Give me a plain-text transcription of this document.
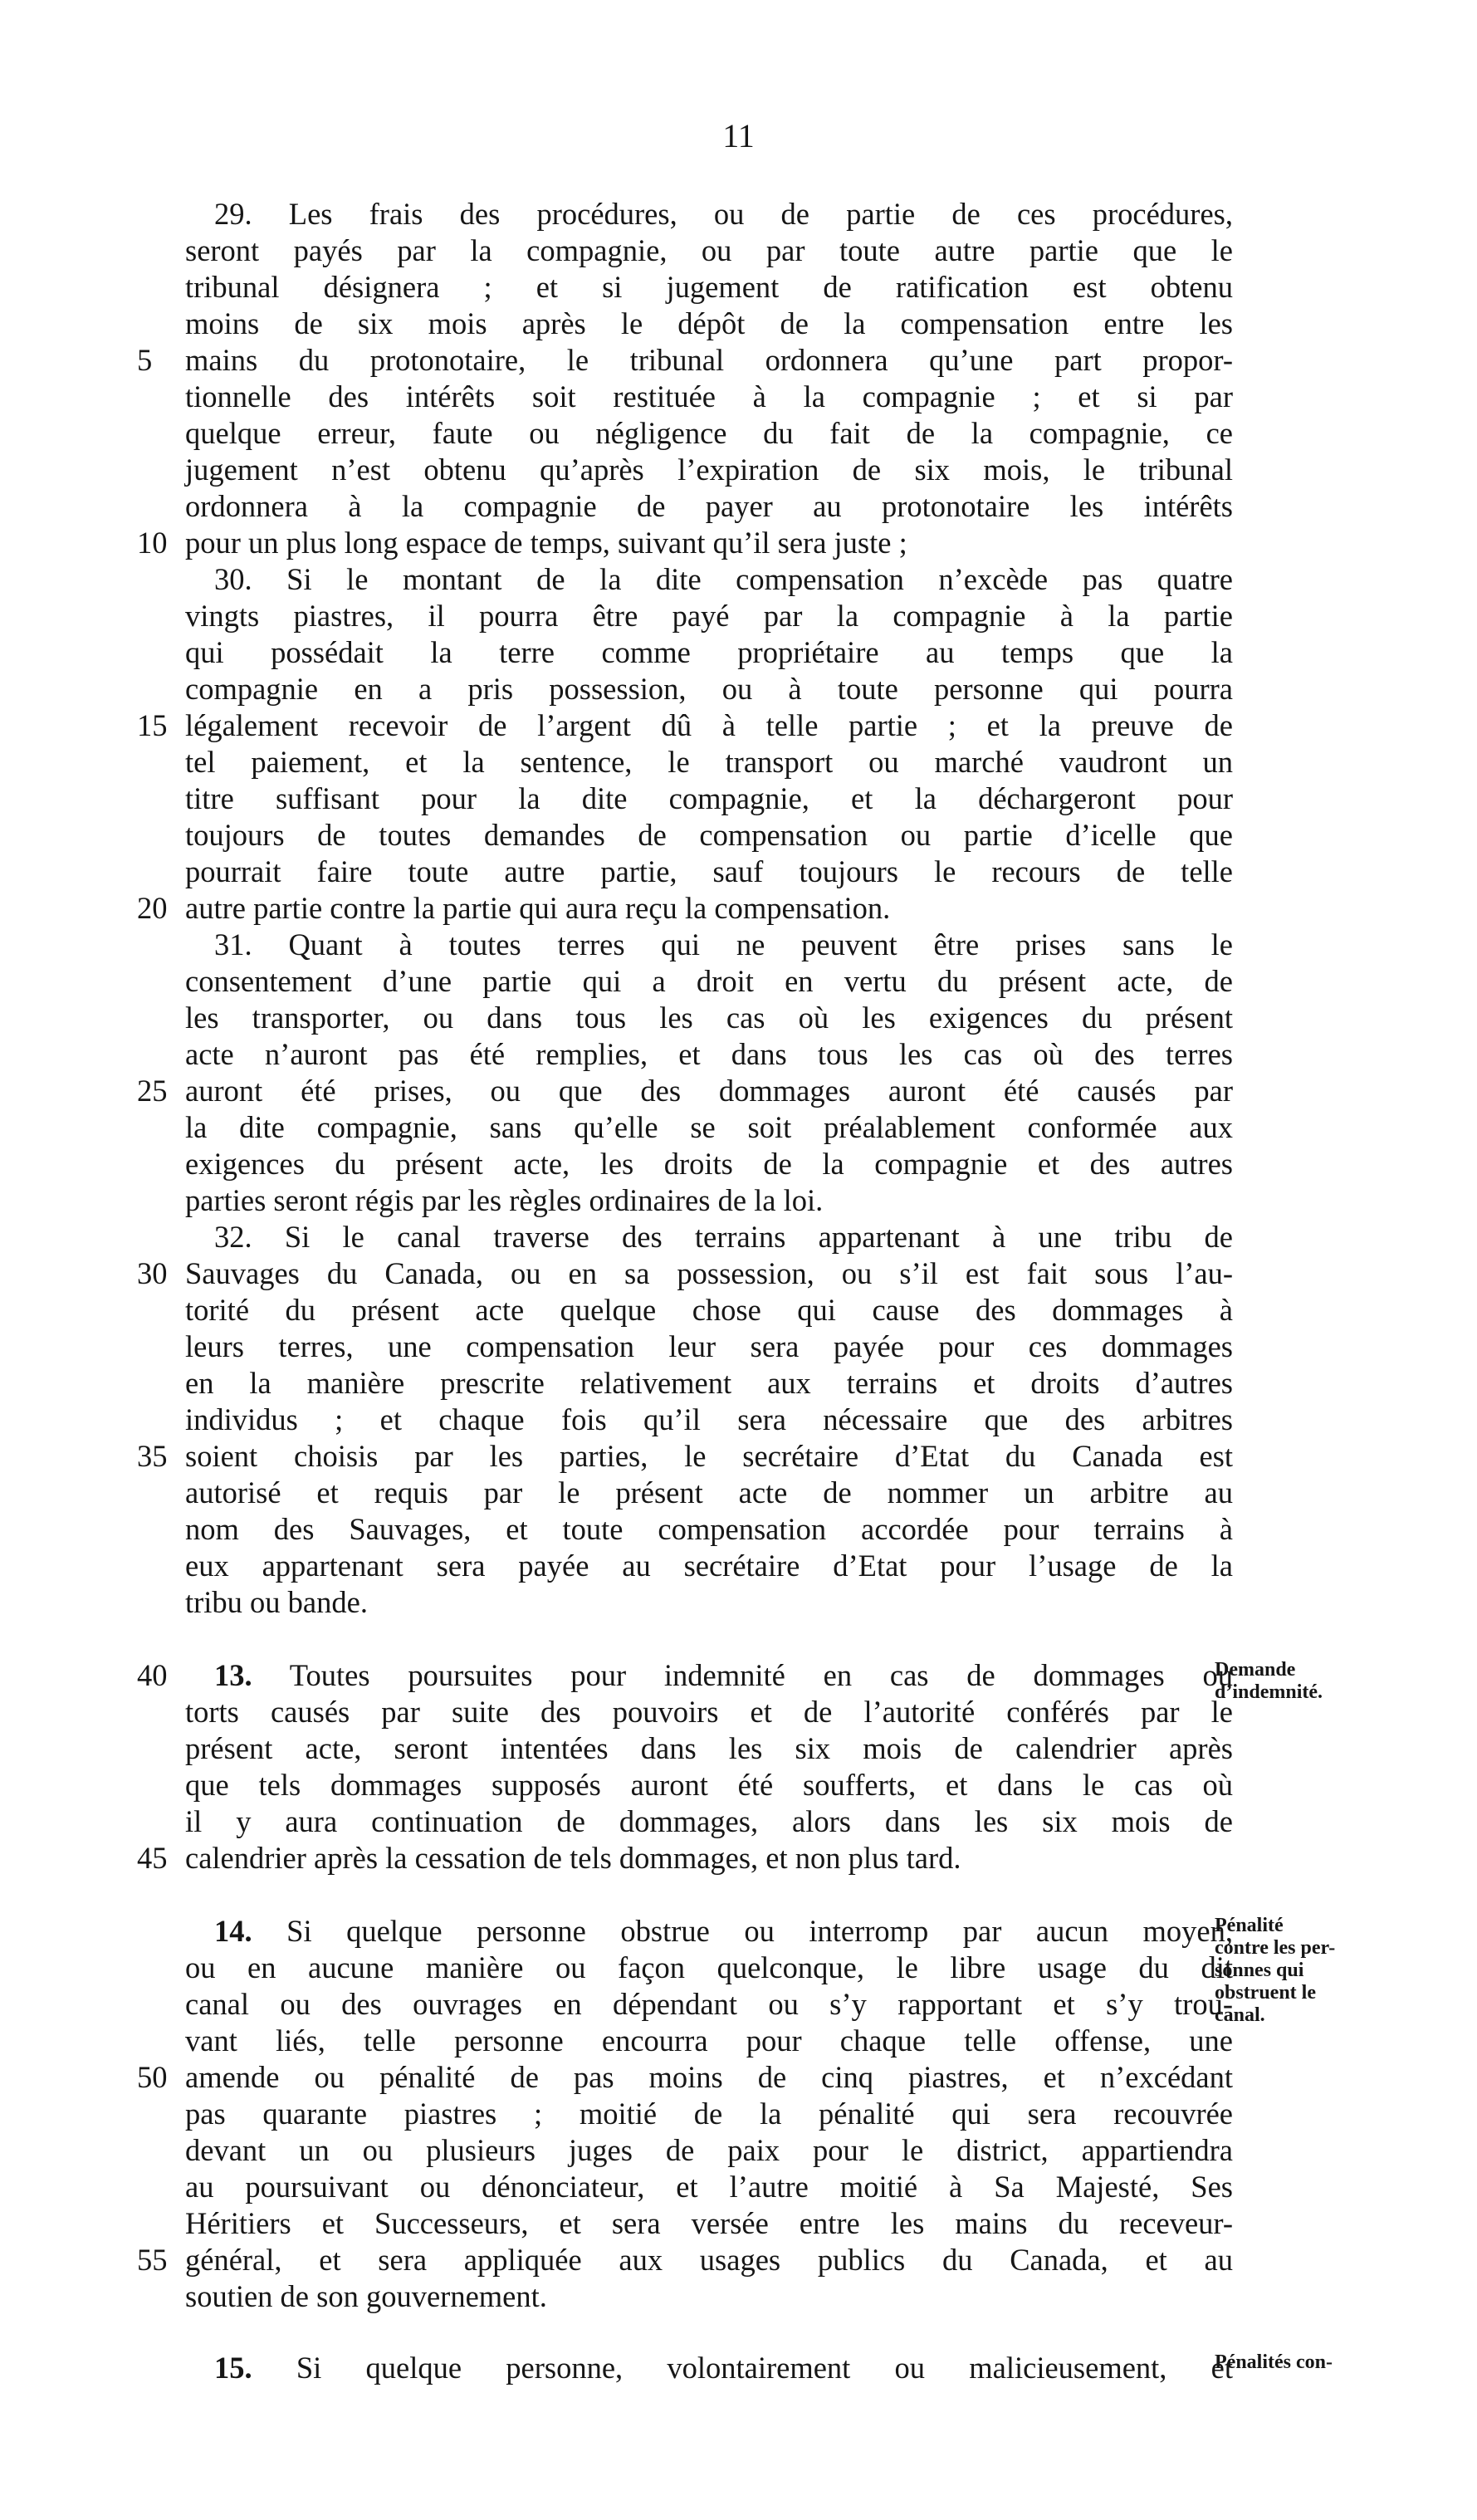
11
29. Les frais des procédures, ou de partie de ces procédures,
seront payés par la compagnie, ou par toute autre partie que le
tribunal désignera ; et si jugement de ratification est obtenu
moins de six mois après le dépôt de la compensation entre les
mains du protonotaire, le tribunal ordonnera qu’une part propor-
5
tionnelle des intérêts soit restituée à la compagnie ; et si par
quelque erreur, faute ou négligence du fait de la compagnie, ce
jugement n’est obtenu qu’après l’expiration de six mois, le tribunal
ordonnera à la compagnie de payer au protonotaire les intérêts
pour un plus long espace de temps, suivant qu’il sera juste ;
10
30. Si le montant de la dite compensation n’excède pas quatre
vingts piastres, il pourra être payé par la compagnie à la partie
qui possédait la terre comme propriétaire au temps que la
compagnie en a pris possession, ou à toute personne qui pourra
légalement recevoir de l’argent dû à telle partie ; et la preuve de
15
tel paiement, et la sentence, le transport ou marché vaudront un
titre suffisant pour la dite compagnie, et la déchargeront pour
toujours de toutes demandes de compensation ou partie d’icelle que
pourrait faire toute autre partie, sauf toujours le recours de telle
autre partie contre la partie qui aura reçu la compensation.
20
31. Quant à toutes terres qui ne peuvent être prises sans le
consentement d’une partie qui a droit en vertu du présent acte, de
les transporter, ou dans tous les cas où les exigences du présent
acte n’auront pas été remplies, et dans tous les cas où des terres
auront été prises, ou que des dommages auront été causés par
25
la dite compagnie, sans qu’elle se soit préalablement conformée aux
exigences du présent acte, les droits de la compagnie et des autres
parties seront régis par les règles ordinaires de la loi.
32. Si le canal traverse des terrains appartenant à une tribu de
Sauvages du Canada, ou en sa possession, ou s’il est fait sous l’au-
30
torité du présent acte quelque chose qui cause des dommages à
leurs terres, une compensation leur sera payée pour ces dommages
en la manière prescrite relativement aux terrains et droits d’autres
individus ; et chaque fois qu’il sera nécessaire que des arbitres
soient choisis par les parties, le secrétaire d’Etat du Canada est
35
autorisé et requis par le présent acte de nommer un arbitre au
nom des Sauvages, et toute compensation accordée pour terrains à
eux appartenant sera payée au secrétaire d’Etat pour l’usage de la
tribu ou bande.
13. Toutes poursuites pour indemnité en cas de dommages ou
40
torts causés par suite des pouvoirs et de l’autorité conférés par le
présent acte, seront intentées dans les six mois de calendrier après
que tels dommages supposés auront été soufferts, et dans le cas où
il y aura continuation de dommages, alors dans les six mois de
calendrier après la cessation de tels dommages, et non plus tard.
45
14. Si quelque personne obstrue ou interromp par aucun moyen,
ou en aucune manière ou façon quelconque, le libre usage du dit
canal ou des ouvrages en dépendant ou s’y rapportant et s’y trou-
vant liés, telle personne encourra pour chaque telle offense, une
amende ou pénalité de pas moins de cinq piastres, et n’excédant
50
pas quarante piastres ; moitié de la pénalité qui sera recouvrée
devant un ou plusieurs juges de paix pour le district, appartiendra
au poursuivant ou dénonciateur, et l’autre moitié à Sa Majesté, Ses
Héritiers et Successeurs, et sera versée entre les mains du receveur-
général, et sera appliquée aux usages publics du Canada, et au
55
soutien de son gouvernement.
15. Si quelque personne, volontairement ou malicieusement, et
Demande
d’indemnité.
Pénalité
contre les per-
sonnes qui
obstruent le
canal.
Pénalités con-
